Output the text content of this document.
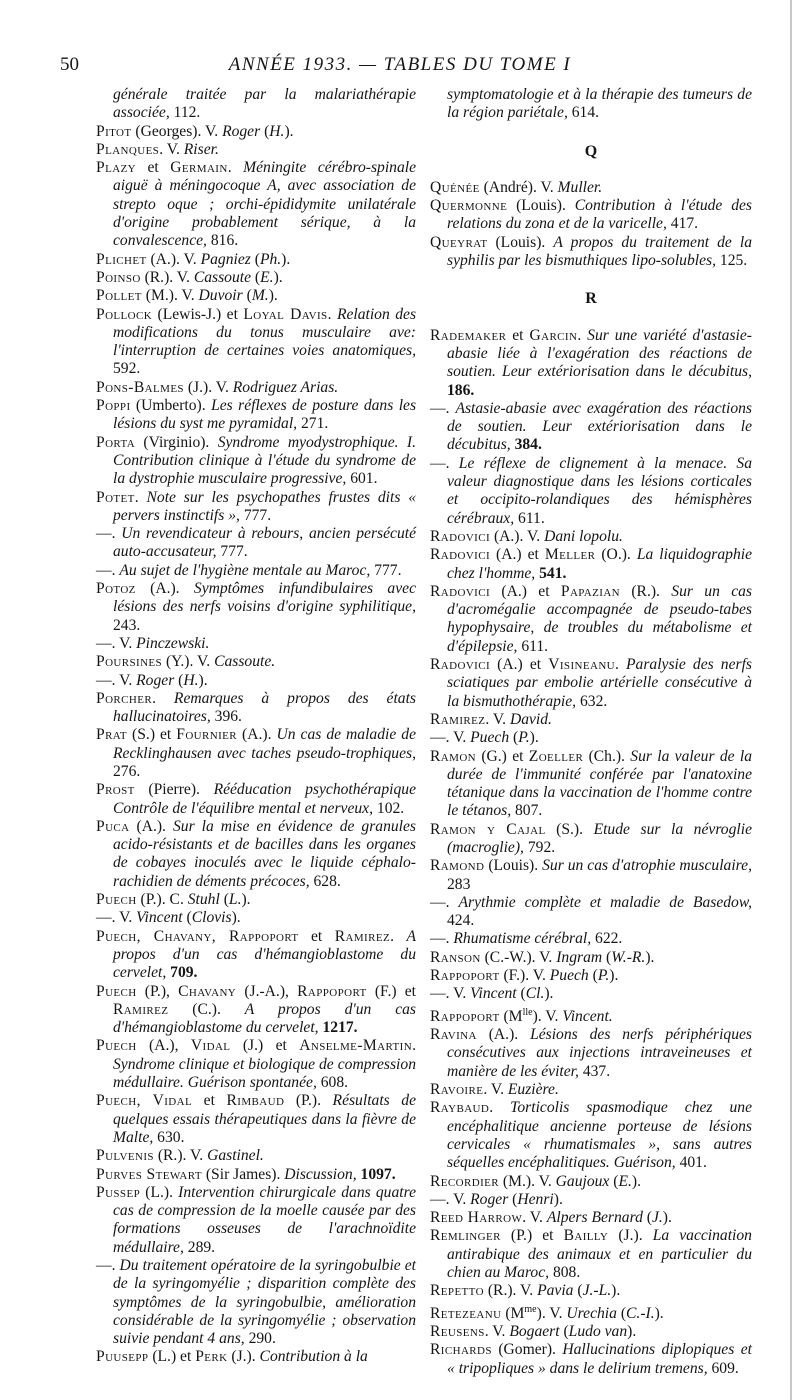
50	ANNÉE 1933. — TABLES DU TOME I

générale traitée par la malariathérapie associée, 112.

Pitot (Georges). V. Roger (H.).

Planques. V. Riser.

Plazy et Germain. Méningite cérébro-spinale aiguë à méningocoque A, avec association de strepto oque ; orchi-épididymite unilatérale d'origine probablement sérique, à la convalescence, 816.

Plichet (A.). V. Pagniez (Ph.).

Poinso (R.). V. Cassoute (E.).

Pollet (M.). V. Duvoir (M.).

Pollock (Lewis-J.) et Loyal Davis. Relation des modifications du tonus musculaire ave: l'interruption de certaines voies anatomiques, 592.

Pons-Balmes (J.). V. Rodriguez Arias.

Poppi (Umberto). Les réflexes de posture dans les lésions du syst me pyramidal, 271.

Porta (Virginio). Syndrome myodystrophique. I. Contribution clinique à l'étude du syndrome de la dystrophie musculaire progressive, 601.

Potet. Note sur les psychopathes frustes dits « pervers instinctifs », 777.

—. Un revendicateur à rebours, ancien persécuté auto-accusateur, 777.

—. Au sujet de l'hygiène mentale au Maroc, 777.

Potoz (A.). Symptômes infundibulaires avec lésions des nerfs voisins d'origine syphilitique, 243.

—. V. Pinczewski.

Poursines (Y.). V. Cassoute.

—. V. Roger (H.).

Porcher. Remarques à propos des états hallucinatoires, 396.

Prat (S.) et Fournier (A.). Un cas de maladie de Recklinghausen avec taches pseudo-trophiques, 276.

Prost (Pierre). Rééducation psychothérapique Contrôle de l'équilibre mental et nerveux, 102.

Puca (A.). Sur la mise en évidence de granules acido-résistants et de bacilles dans les organes de cobayes inoculés avec le liquide céphalo-rachidien de déments précoces, 628.

Puech (P.). C. Stuhl (L.).

—. V. Vincent (Clovis).

Puech, Chavany, Rappoport et Ramirez. A propos d'un cas d'hémangioblastome du cervelet, 709.

Puech (P.), Chavany (J.-A.), Rappoport (F.) et Ramirez (C.). A propos d'un cas d'hémangioblastome du cervelet, 1217.

Puech (A.), Vidal (J.) et Anselme-Martin. Syndrome clinique et biologique de compression médullaire. Guérison spontanée, 608.

Puech, Vidal et Rimbaud (P.). Résultats de quelques essais thérapeutiques dans la fièvre de Malte, 630.

Pulvenis (R.). V. Gastinel.

Purves Stewart (Sir James). Discussion, 1097.

Pussep (L.). Intervention chirurgicale dans quatre cas de compression de la moelle causée par des formations osseuses de l'arachnoïdite médullaire, 289.

—. Du traitement opératoire de la syringobulbie et de la syringomyélie ; disparition complète des symptômes de la syringobulbie, amélioration considérable de la syringomyélie ; observation suivie pendant 4 ans, 290.

Puusepp (L.) et Perk (J.). Contribution à la

symptomatologie et à la thérapie des tumeurs de la région pariétale, 614.

Q

Quénée (André). V. Muller.

Quermonne (Louis). Contribution à l'étude des relations du zona et de la varicelle, 417.

Queyrat (Louis). A propos du traitement de la syphilis par les bismuthiques lipo-solubles, 125.

R

Rademaker et Garcin. Sur une variété d'astasie-abasie liée à l'exagération des réactions de soutien. Leur extériorisation dans le décubitus, 186.

—. Astasie-abasie avec exagération des réactions de soutien. Leur extériorisation dans le décubitus, 384.

—. Le réflexe de clignement à la menace. Sa valeur diagnostique dans les lésions corticales et occipito-rolandiques des hémisphères cérébraux, 611.

Radovici (A.). V. Dani lopolu.

Radovici (A.) et Meller (O.). La liquidographie chez l'homme, 541.

Radovici (A.) et Papazian (R.). Sur un cas d'acromégalie accompagnée de pseudo-tabes hypophysaire, de troubles du métabolisme et d'épilepsie, 611.

Radovici (A.) et Visineanu. Paralysie des nerfs sciatiques par embolie artérielle consécutive à la bismuthothérapie, 632.

Ramirez. V. David.

—. V. Puech (P.).

Ramon (G.) et Zoeller (Ch.). Sur la valeur de la durée de l'immunité conférée par l'anatoxine tétanique dans la vaccination de l'homme contre le tétanos, 807.

Ramon y Cajal (S.). Etude sur la névroglie (macroglie), 792.

Ramond (Louis). Sur un cas d'atrophie musculaire, 283

—. Arythmie complète et maladie de Basedow, 424.

—. Rhumatisme cérébral, 622.

Ranson (C.-W.). V. Ingram (W.-R.).

Rappoport (F.). V. Puech (P.).

—. V. Vincent (Cl.).

Rappoport $(M^{lle})$. V. Vincent.

Ravina (A.). Lésions des nerfs périphériques consécutives aux injections intraveineuses et manière de les éviter, 437.

Ravoire. V. Euzière.

Raybaud. Torticolis spasmodique chez une encéphalitique ancienne porteuse de lésions cervicales « rhumatismales », sans autres séquelles encéphalitiques. Guérison, 401.

Recordier (M.). V. Gaujoux (E.).

—. V. Roger (Henri).

Reed Harrow. V. Alpers Bernard (J.).

Remlinger (P.) et Bailly (J.). La vaccination antirabique des animaux et en particulier du chien au Maroc, 808.

Repetto (R.). V. Pavia (J.-L.).

Retezeanu $(M^{me})$. V. Urechia (C.-I.).

Reusens. V. Bogaert (Ludo van).

Richards (Gomer). Hallucinations diplopiques et « tripopliques » dans le delirium tremens, 609.
